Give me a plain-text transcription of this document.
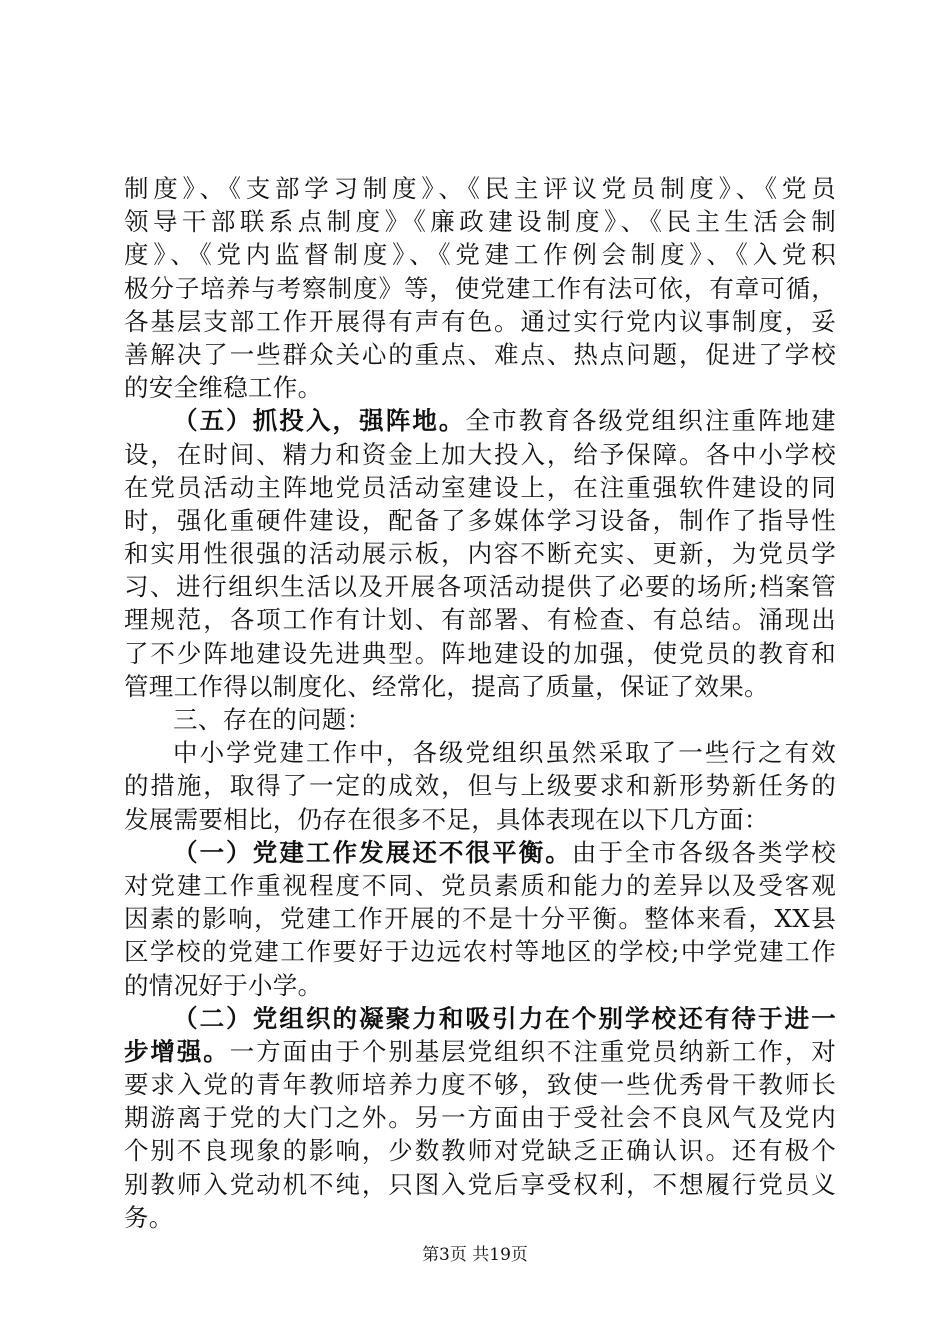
制度》、《支部学习制度》、《民主评议党员制度》、《党员
领导干部联系点制度》《廉政建设制度》、《民主生活会制
度》、《党内监督制度》、《党建工作例会制度》、《入党积
极分子培养与考察制度》等，使党建工作有法可依，有章可循，
各基层支部工作开展得有声有色。通过实行党内议事制度，妥
善解决了一些群众关心的重点、难点、热点问题，促进了学校
的安全维稳工作。
（五）抓投入，强阵地。全市教育各级党组织注重阵地建
设，在时间、精力和资金上加大投入，给予保障。各中小学校
在党员活动主阵地党员活动室建设上，在注重强软件建设的同
时，强化重硬件建设，配备了多媒体学习设备，制作了指导性
和实用性很强的活动展示板，内容不断充实、更新，为党员学
习、进行组织生活以及开展各项活动提供了必要的场所;档案管
理规范，各项工作有计划、有部署、有检查、有总结。涌现出
了不少阵地建设先进典型。阵地建设的加强，使党员的教育和
管理工作得以制度化、经常化，提高了质量，保证了效果。
三、存在的问题：
中小学党建工作中，各级党组织虽然采取了一些行之有效
的措施，取得了一定的成效，但与上级要求和新形势新任务的
发展需要相比，仍存在很多不足，具体表现在以下几方面：
（一）党建工作发展还不很平衡。由于全市各级各类学校
对党建工作重视程度不同、党员素质和能力的差异以及受客观
因素的影响，党建工作开展的不是十分平衡。整体来看，XX县
区学校的党建工作要好于边远农村等地区的学校;中学党建工作
的情况好于小学。
（二）党组织的凝聚力和吸引力在个别学校还有待于进一
步增强。一方面由于个别基层党组织不注重党员纳新工作，对
要求入党的青年教师培养力度不够，致使一些优秀骨干教师长
期游离于党的大门之外。另一方面由于受社会不良风气及党内
个别不良现象的影响，少数教师对党缺乏正确认识。还有极个
别教师入党动机不纯，只图入党后享受权利，不想履行党员义
务。
第3页 共19页
